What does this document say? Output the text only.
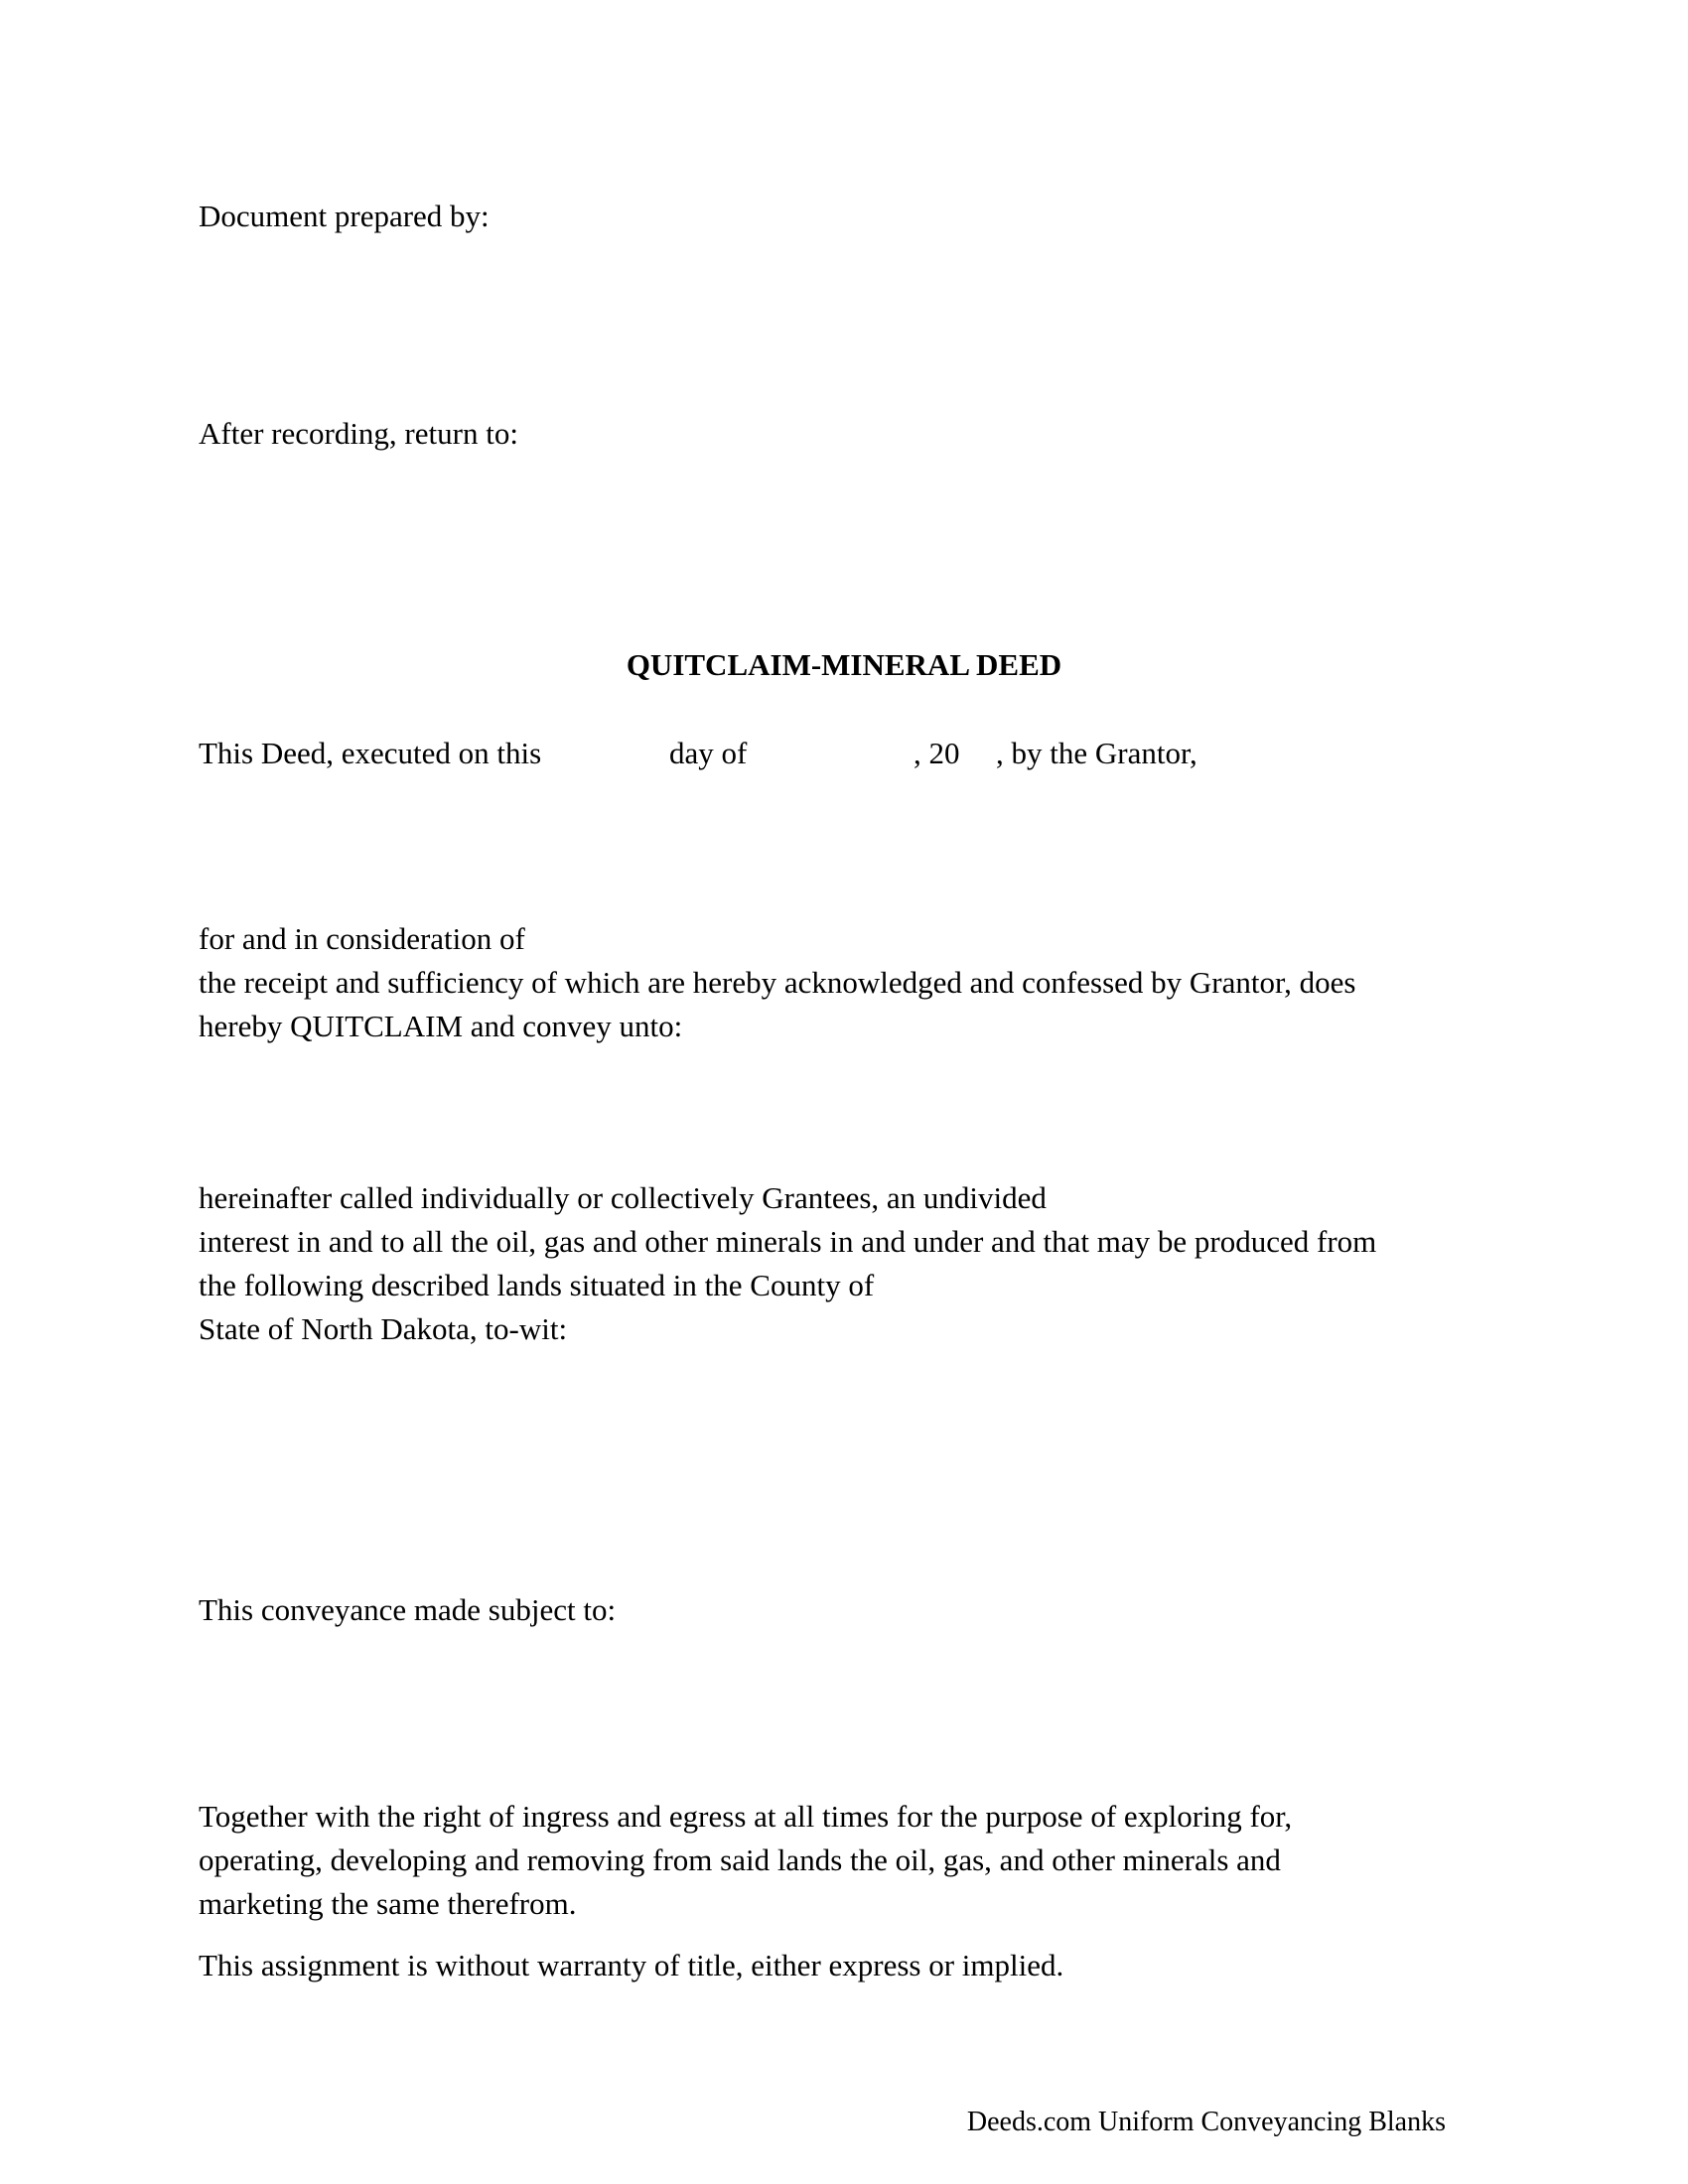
Document prepared by:
After recording, return to:
QUITCLAIM-MINERAL DEED
This Deed, executed on this	day of	, 20 , by the Grantor,
for and in consideration of
the receipt and sufficiency of which are hereby acknowledged and confessed by Grantor, does
hereby QUITCLAIM and convey unto:
hereinafter called individually or collectively Grantees, an undivided
interest in and to all the oil, gas and other minerals in and under and that may be produced from
the following described lands situated in the County of
State of North Dakota, to-wit:
This conveyance made subject to:
Together with the right of ingress and egress at all times for the purpose of exploring for,
operating, developing and removing from said lands the oil, gas, and other minerals and
marketing the same therefrom.
This assignment is without warranty of title, either express or implied.
Deeds.com Uniform Conveyancing Blanks
